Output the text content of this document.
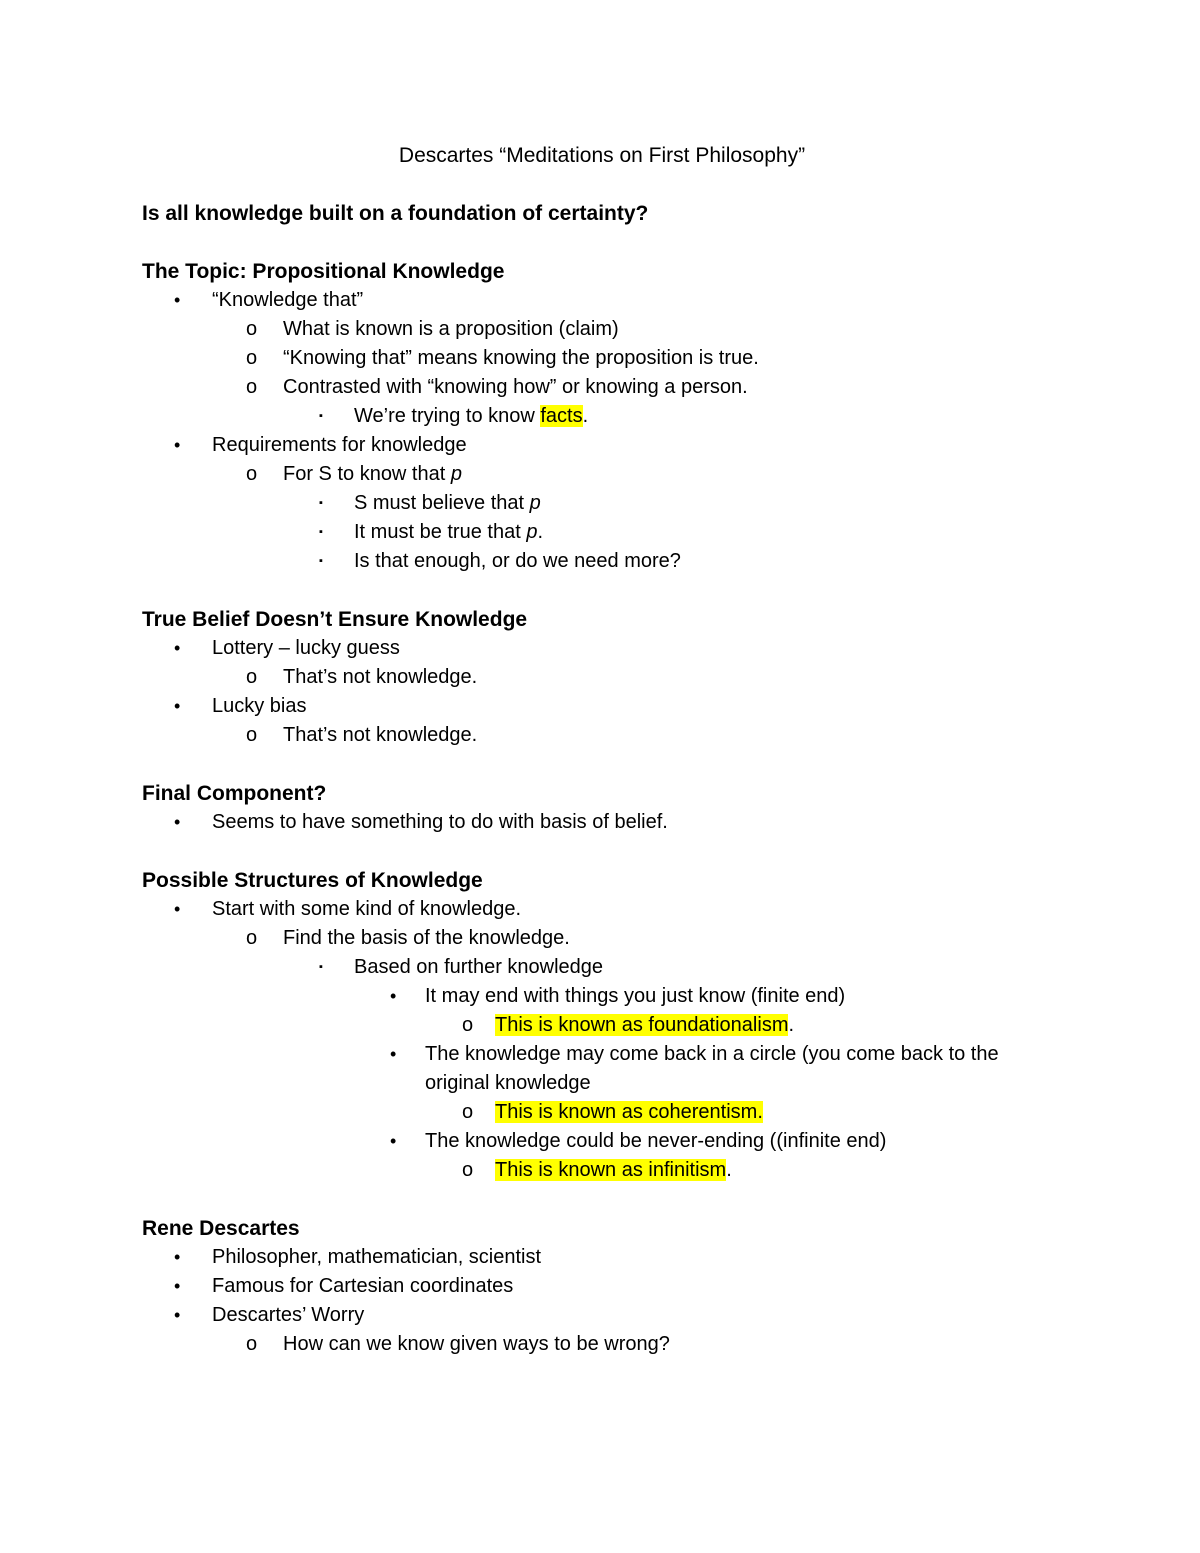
Descartes “Meditations on First Philosophy”
Is all knowledge built on a foundation of certainty?
The Topic: Propositional Knowledge
• “Knowledge that”
o What is known is a proposition (claim)
o “Knowing that” means knowing the proposition is true.
o Contrasted with “knowing how” or knowing a person.
▪ We’re trying to know facts.
• Requirements for knowledge
o For S to know that p
▪ S must believe that p
▪ It must be true that p.
▪ Is that enough, or do we need more?
True Belief Doesn’t Ensure Knowledge
• Lottery – lucky guess
o That’s not knowledge.
• Lucky bias
o That’s not knowledge.
Final Component?
• Seems to have something to do with basis of belief.
Possible Structures of Knowledge
• Start with some kind of knowledge.
o Find the basis of the knowledge.
▪ Based on further knowledge
• It may end with things you just know (finite end)
o This is known as foundationalism.
• The knowledge may come back in a circle (you come back to the original knowledge
o This is known as coherentism.
• The knowledge could be never-ending ((infinite end)
o This is known as infinitism.
Rene Descartes
• Philosopher, mathematician, scientist
• Famous for Cartesian coordinates
• Descartes’ Worry
o How can we know given ways to be wrong?
